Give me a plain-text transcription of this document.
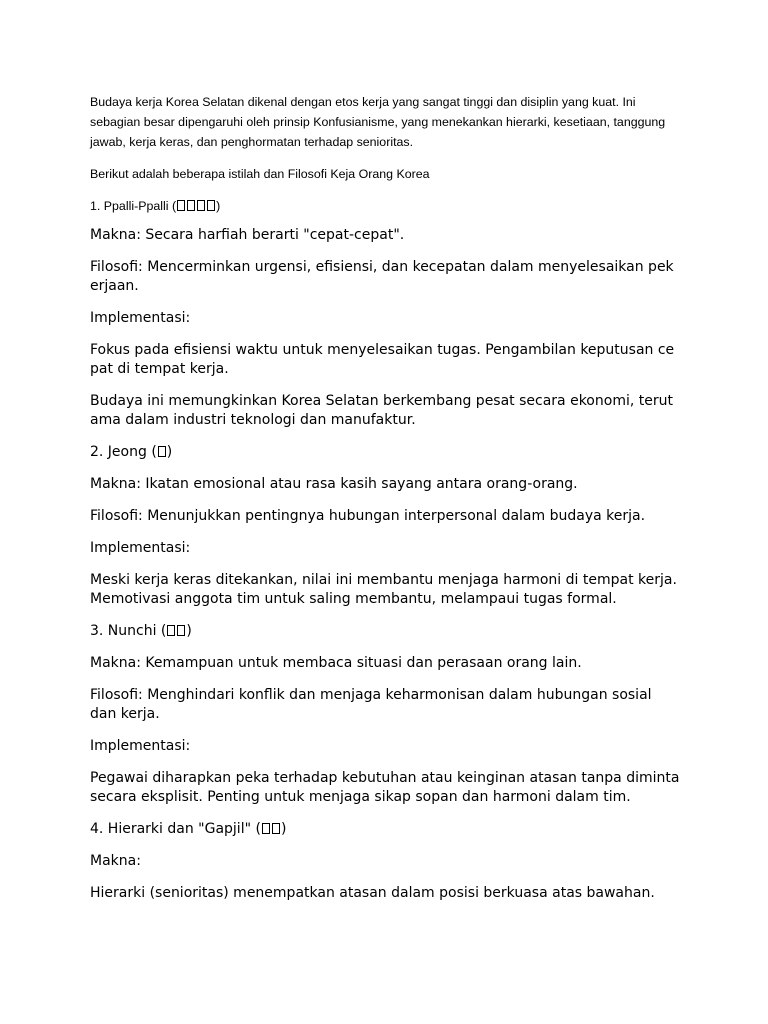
Budaya kerja Korea Selatan dikenal dengan etos kerja yang sangat tinggi dan disiplin yang kuat. Ini sebagian besar dipengaruhi oleh prinsip Konfusianisme, yang menekankan hierarki, kesetiaan, tanggung jawab, kerja keras, dan penghormatan terhadap senioritas.

Berikut adalah beberapa istilah dan Filosofi Keja Orang Korea

1. Ppalli-Ppalli (	)

Makna: Secara harfiah berarti "cepat-cepat".

Filosofi: Mencerminkan urgensi, efisiensi, dan kecepatan dalam menyelesaikan pekerjaan.

Implementasi:

Fokus pada efisiensi waktu untuk menyelesaikan tugas. Pengambilan keputusan cepat di tempat kerja.

Budaya ini memungkinkan Korea Selatan berkembang pesat secara ekonomi, terutama dalam industri teknologi dan manufaktur.

2. Jeong ( )

Makna: Ikatan emosional atau rasa kasih sayang antara orang-orang.

Filosofi: Menunjukkan pentingnya hubungan interpersonal dalam budaya kerja.

Implementasi:

Meski kerja keras ditekankan, nilai ini membantu menjaga harmoni di tempat kerja. Memotivasi anggota tim untuk saling membantu, melampaui tugas formal.

3. Nunchi ( )

Makna: Kemampuan untuk membaca situasi dan perasaan orang lain.

Filosofi: Menghindari konflik dan menjaga keharmonisan dalam hubungan sosial dan kerja.

Implementasi:

Pegawai diharapkan peka terhadap kebutuhan atau keinginan atasan tanpa diminta secara eksplisit. Penting untuk menjaga sikap sopan dan harmoni dalam tim.

4. Hierarki dan "Gapjil" ( )

Makna:

Hierarki (senioritas) menempatkan atasan dalam posisi berkuasa atas bawahan.
